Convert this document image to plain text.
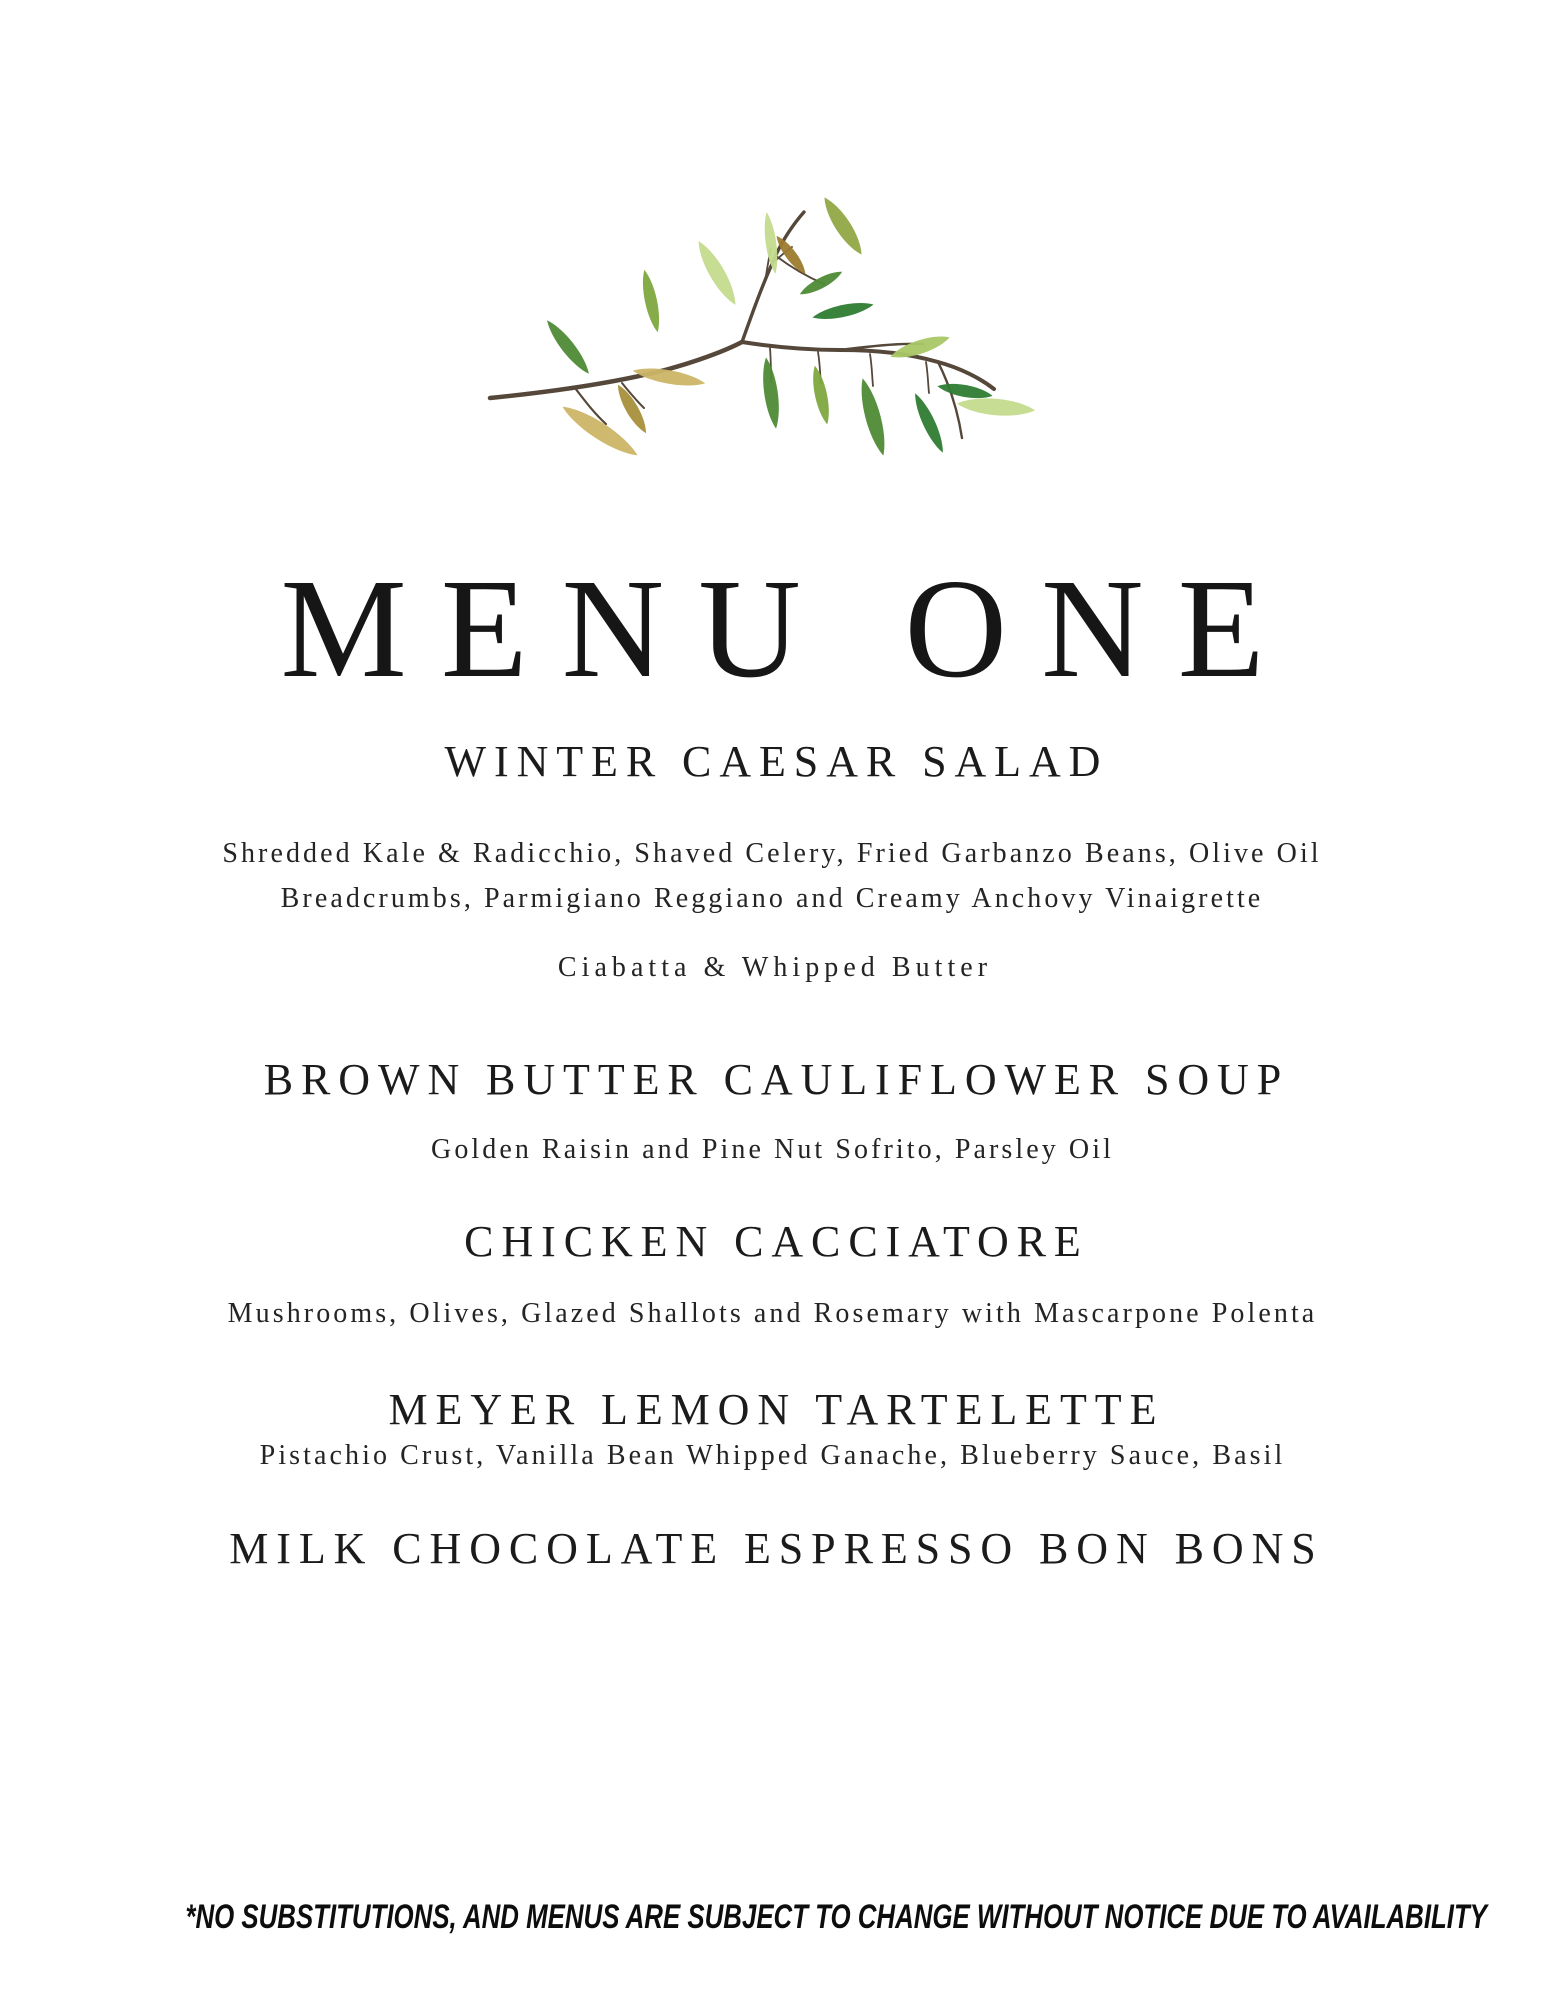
MENU ONE
WINTER CAESAR SALAD
Shredded Kale & Radicchio, Shaved Celery, Fried Garbanzo Beans, Olive Oil Breadcrumbs, Parmigiano Reggiano and Creamy Anchovy Vinaigrette
Ciabatta & Whipped Butter
BROWN BUTTER CAULIFLOWER SOUP
Golden Raisin and Pine Nut Sofrito, Parsley Oil
CHICKEN CACCIATORE
Mushrooms, Olives, Glazed Shallots and Rosemary with Mascarpone Polenta
MEYER LEMON TARTELETTE
Pistachio Crust, Vanilla Bean Whipped Ganache, Blueberry Sauce, Basil
MILK CHOCOLATE ESPRESSO BON BONS
*NO SUBSTITUTIONS, AND MENUS ARE SUBJECT TO CHANGE WITHOUT NOTICE DUE TO AVAILABILITY
